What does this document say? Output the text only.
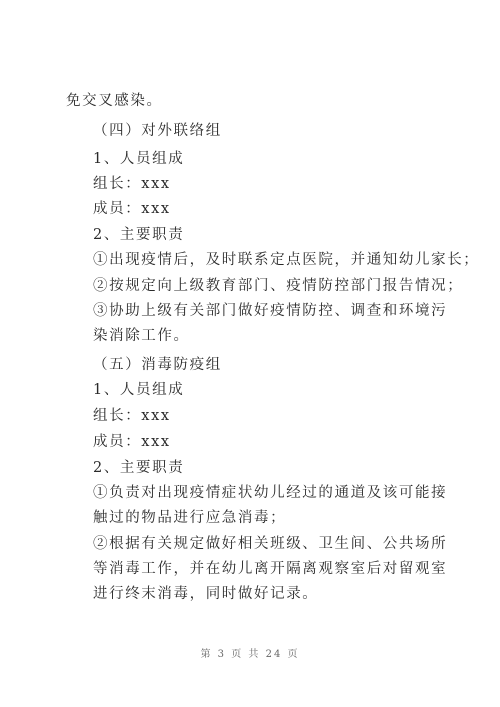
免交叉感染。
（四）对外联络组
1、人员组成
组长：xxx
成员：xxx
2、主要职责
①出现疫情后，及时联系定点医院，并通知幼儿家长；
②按规定向上级教育部门、疫情防控部门报告情况；
③协助上级有关部门做好疫情防控、调查和环境污染消除工作。
（五）消毒防疫组
1、人员组成
组长：xxx
成员：xxx
2、主要职责
①负责对出现疫情症状幼儿经过的通道及该可能接触过的物品进行应急消毒；
②根据有关规定做好相关班级、卫生间、公共场所等消毒工作，并在幼儿离开隔离观察室后对留观室进行终末消毒，同时做好记录。
第 3 页 共 24 页
